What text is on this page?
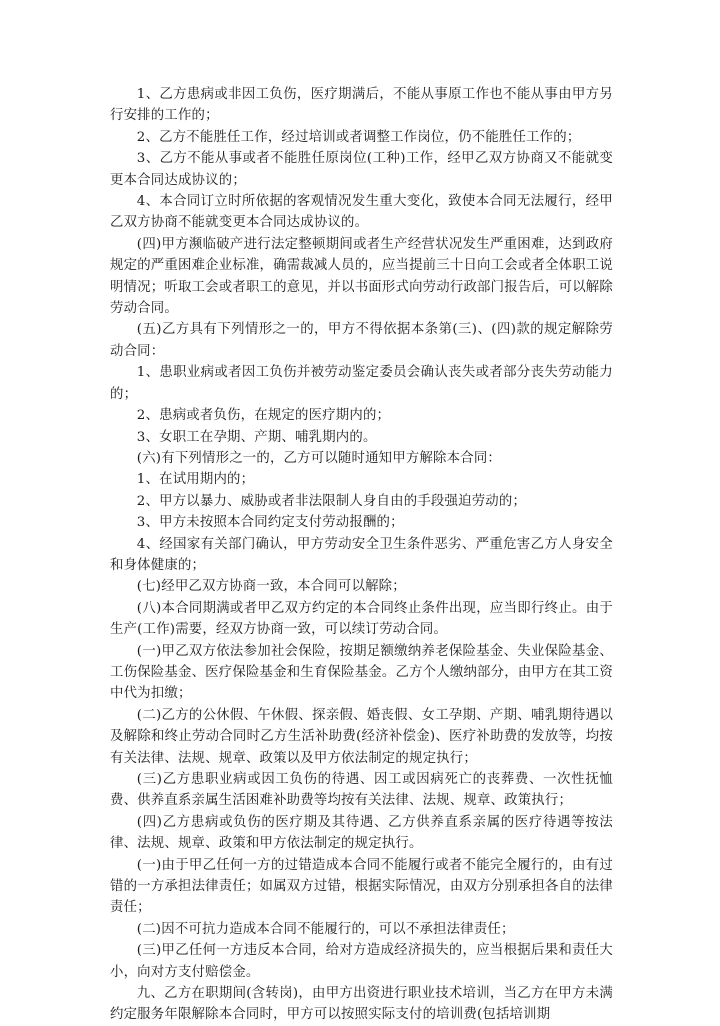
1、乙方患病或非因工负伤，医疗期满后，不能从事原工作也不能从事由甲方另行安排的工作的；

2、乙方不能胜任工作，经过培训或者调整工作岗位，仍不能胜任工作的；

3、乙方不能从事或者不能胜任原岗位(工种)工作，经甲乙双方协商又不能就变更本合同达成协议的；

4、本合同订立时所依据的客观情况发生重大变化，致使本合同无法履行，经甲乙双方协商不能就变更本合同达成协议的。

(四)甲方濒临破产进行法定整顿期间或者生产经营状况发生严重困难，达到政府规定的严重困难企业标准，确需裁减人员的，应当提前三十日向工会或者全体职工说明情况；听取工会或者职工的意见，并以书面形式向劳动行政部门报告后，可以解除劳动合同。

(五)乙方具有下列情形之一的，甲方不得依据本条第(三)、(四)款的规定解除劳动合同：

1、患职业病或者因工负伤并被劳动鉴定委员会确认丧失或者部分丧失劳动能力的；

2、患病或者负伤，在规定的医疗期内的；

3、女职工在孕期、产期、哺乳期内的。

(六)有下列情形之一的，乙方可以随时通知甲方解除本合同：

1、在试用期内的；

2、甲方以暴力、威胁或者非法限制人身自由的手段强迫劳动的；

3、甲方未按照本合同约定支付劳动报酬的；

4、经国家有关部门确认，甲方劳动安全卫生条件恶劣、严重危害乙方人身安全和身体健康的；

(七)经甲乙双方协商一致，本合同可以解除；

(八)本合同期满或者甲乙双方约定的本合同终止条件出现，应当即行终止。由于生产(工作)需要，经双方协商一致，可以续订劳动合同。

(一)甲乙双方依法参加社会保险，按期足额缴纳养老保险基金、失业保险基金、工伤保险基金、医疗保险基金和生育保险基金。乙方个人缴纳部分，由甲方在其工资中代为扣缴；

(二)乙方的公休假、午休假、探亲假、婚丧假、女工孕期、产期、哺乳期待遇以及解除和终止劳动合同时乙方生活补助费(经济补偿金)、医疗补助费的发放等，均按有关法律、法规、规章、政策以及甲方依法制定的规定执行；

(三)乙方患职业病或因工负伤的待遇、因工或因病死亡的丧葬费、一次性抚恤费、供养直系亲属生活困难补助费等均按有关法律、法规、规章、政策执行；

(四)乙方患病或负伤的医疗期及其待遇、乙方供养直系亲属的医疗待遇等按法律、法规、规章、政策和甲方依法制定的规定执行。

(一)由于甲乙任何一方的过错造成本合同不能履行或者不能完全履行的，由有过错的一方承担法律责任；如属双方过错，根据实际情况，由双方分别承担各自的法律责任；

(二)因不可抗力造成本合同不能履行的，可以不承担法律责任；

(三)甲乙任何一方违反本合同，给对方造成经济损失的，应当根据后果和责任大小，向对方支付赔偿金。

九、乙方在职期间(含转岗)，由甲方出资进行职业技术培训，当乙方在甲方未满约定服务年限解除本合同时，甲方可以按照实际支付的培训费(包括培训期
